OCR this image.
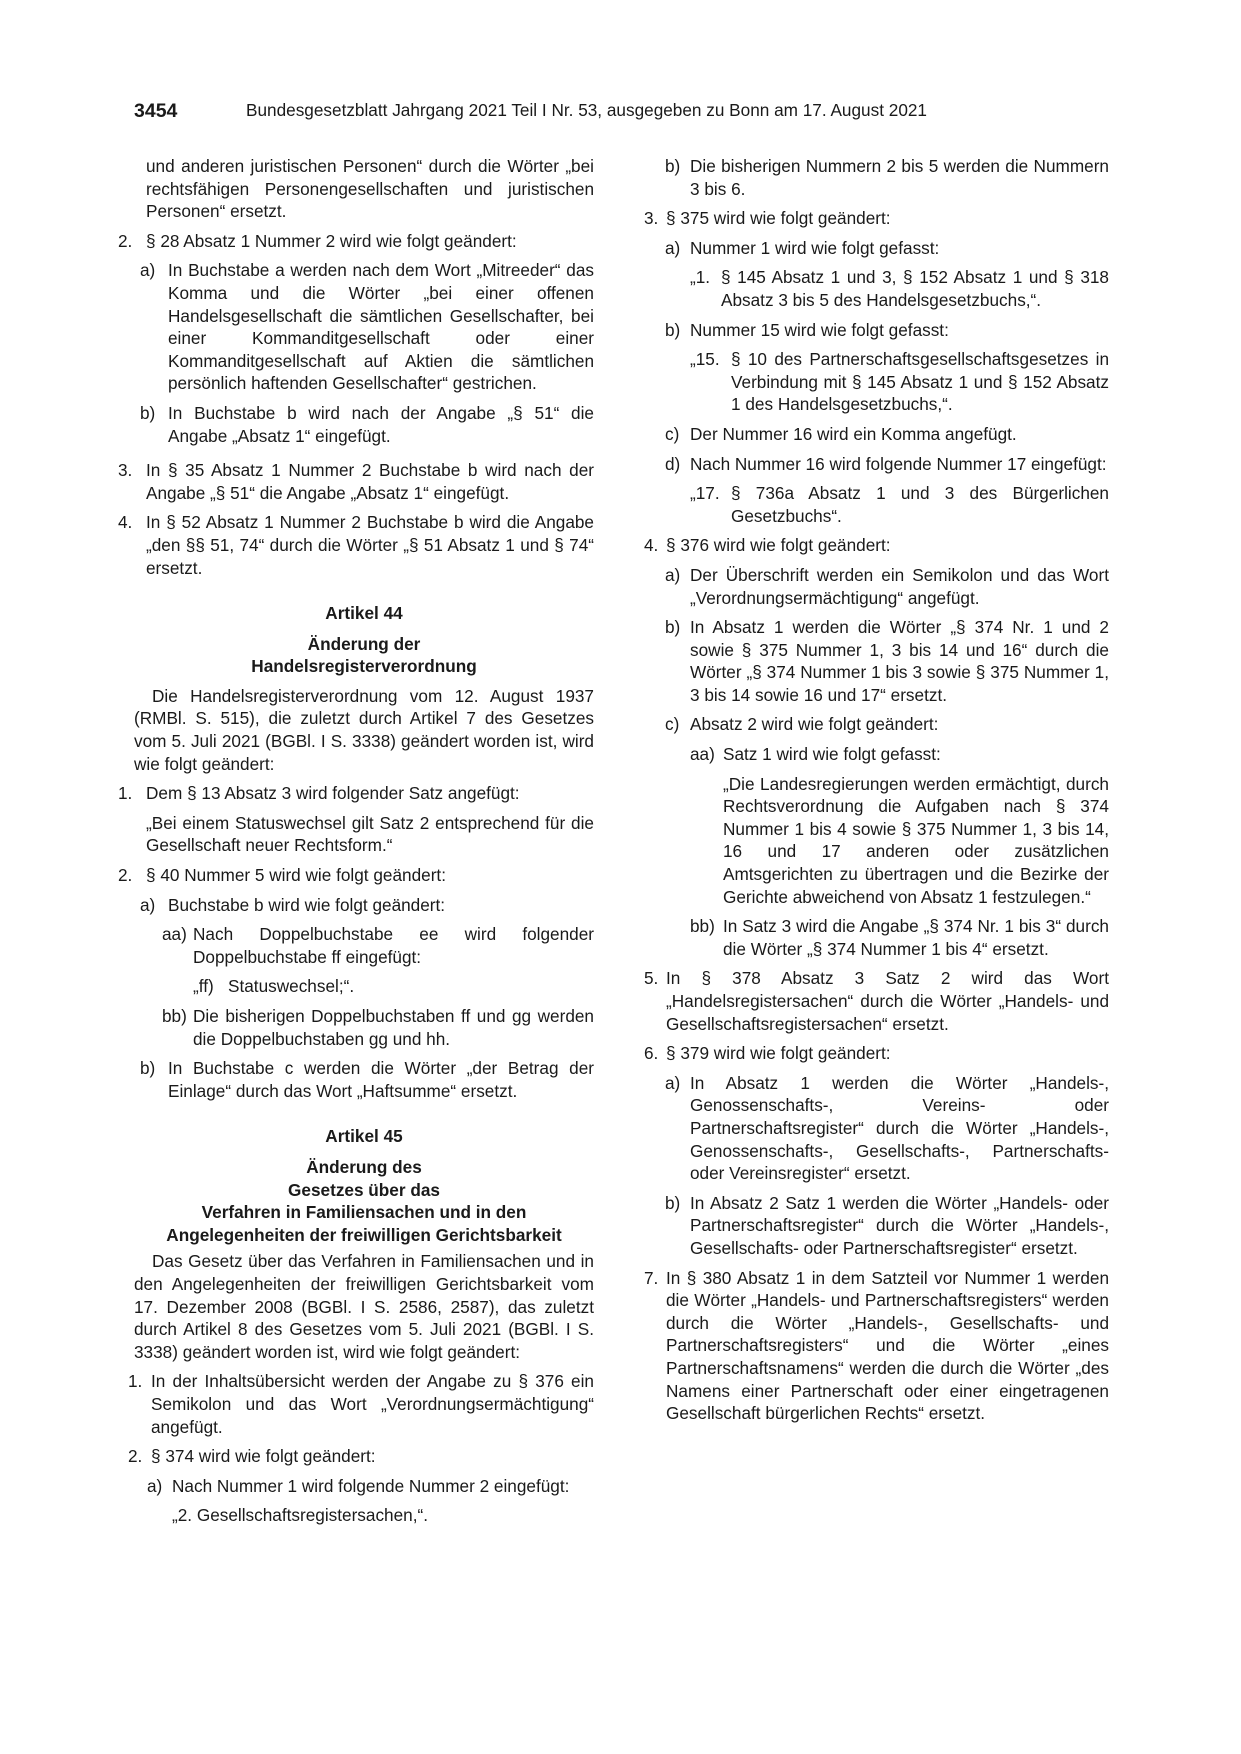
3454	Bundesgesetzblatt Jahrgang 2021 Teil I Nr. 53, ausgegeben zu Bonn am 17. August 2021
und anderen juristischen Personen“ durch die Wörter „bei rechtsfähigen Personengesellschaften und juristischen Personen“ ersetzt.
2. § 28 Absatz 1 Nummer 2 wird wie folgt geändert:
a) In Buchstabe a werden nach dem Wort „Mitreeder“ das Komma und die Wörter „bei einer offenen Handelsgesellschaft die sämtlichen Gesellschafter, bei einer Kommanditgesellschaft oder einer Kommanditgesellschaft auf Aktien die sämtlichen persönlich haftenden Gesellschafter“ gestrichen.
b) In Buchstabe b wird nach der Angabe „§ 51“ die Angabe „Absatz 1“ eingefügt.
3. In § 35 Absatz 1 Nummer 2 Buchstabe b wird nach der Angabe „§ 51“ die Angabe „Absatz 1“ eingefügt.
4. In § 52 Absatz 1 Nummer 2 Buchstabe b wird die Angabe „den §§ 51, 74“ durch die Wörter „§ 51 Absatz 1 und § 74“ ersetzt.
Artikel 44
Änderung der
Handelsregisterverordnung
Die Handelsregisterverordnung vom 12. August 1937 (RMBl. S. 515), die zuletzt durch Artikel 7 des Gesetzes vom 5. Juli 2021 (BGBl. I S. 3338) geändert worden ist, wird wie folgt geändert:
1. Dem § 13 Absatz 3 wird folgender Satz angefügt:
„Bei einem Statuswechsel gilt Satz 2 entsprechend für die Gesellschaft neuer Rechtsform.“
2. § 40 Nummer 5 wird wie folgt geändert:
a) Buchstabe b wird wie folgt geändert:
aa) Nach Doppelbuchstabe ee wird folgender Doppelbuchstabe ff eingefügt:
„ff) Statuswechsel;“.
bb) Die bisherigen Doppelbuchstaben ff und gg werden die Doppelbuchstaben gg und hh.
b) In Buchstabe c werden die Wörter „der Betrag der Einlage“ durch das Wort „Haftsumme“ ersetzt.
Artikel 45
Änderung des
Gesetzes über das
Verfahren in Familiensachen und in den
Angelegenheiten der freiwilligen Gerichtsbarkeit
Das Gesetz über das Verfahren in Familiensachen und in den Angelegenheiten der freiwilligen Gerichtsbarkeit vom 17. Dezember 2008 (BGBl. I S. 2586, 2587), das zuletzt durch Artikel 8 des Gesetzes vom 5. Juli 2021 (BGBl. I S. 3338) geändert worden ist, wird wie folgt geändert:
1. In der Inhaltsübersicht werden der Angabe zu § 376 ein Semikolon und das Wort „Verordnungsermächtigung“ angefügt.
2. § 374 wird wie folgt geändert:
a) Nach Nummer 1 wird folgende Nummer 2 eingefügt:
„2. Gesellschaftsregistersachen,“.
b) Die bisherigen Nummern 2 bis 5 werden die Nummern 3 bis 6.
3. § 375 wird wie folgt geändert:
a) Nummer 1 wird wie folgt gefasst:
„1. § 145 Absatz 1 und 3, § 152 Absatz 1 und § 318 Absatz 3 bis 5 des Handelsgesetzbuchs,“.
b) Nummer 15 wird wie folgt gefasst:
„15. § 10 des Partnerschaftsgesellschaftsgesetzes in Verbindung mit § 145 Absatz 1 und § 152 Absatz 1 des Handelsgesetzbuchs,“.
c) Der Nummer 16 wird ein Komma angefügt.
d) Nach Nummer 16 wird folgende Nummer 17 eingefügt:
„17. § 736a Absatz 1 und 3 des Bürgerlichen Gesetzbuchs“.
4. § 376 wird wie folgt geändert:
a) Der Überschrift werden ein Semikolon und das Wort „Verordnungsermächtigung“ angefügt.
b) In Absatz 1 werden die Wörter „§ 374 Nr. 1 und 2 sowie § 375 Nummer 1, 3 bis 14 und 16“ durch die Wörter „§ 374 Nummer 1 bis 3 sowie § 375 Nummer 1, 3 bis 14 sowie 16 und 17“ ersetzt.
c) Absatz 2 wird wie folgt geändert:
aa) Satz 1 wird wie folgt gefasst:
„Die Landesregierungen werden ermächtigt, durch Rechtsverordnung die Aufgaben nach § 374 Nummer 1 bis 4 sowie § 375 Nummer 1, 3 bis 14, 16 und 17 anderen oder zusätzlichen Amtsgerichten zu übertragen und die Bezirke der Gerichte abweichend von Absatz 1 festzulegen.“
bb) In Satz 3 wird die Angabe „§ 374 Nr. 1 bis 3“ durch die Wörter „§ 374 Nummer 1 bis 4“ ersetzt.
5. In § 378 Absatz 3 Satz 2 wird das Wort „Handelsregistersachen“ durch die Wörter „Handels- und Gesellschaftsregistersachen“ ersetzt.
6. § 379 wird wie folgt geändert:
a) In Absatz 1 werden die Wörter „Handels-, Genossenschafts-, Vereins- oder Partnerschaftsregister“ durch die Wörter „Handels-, Genossenschafts-, Gesellschafts-, Partnerschafts- oder Vereinsregister“ ersetzt.
b) In Absatz 2 Satz 1 werden die Wörter „Handels- oder Partnerschaftsregister“ durch die Wörter „Handels-, Gesellschafts- oder Partnerschaftsregister“ ersetzt.
7. In § 380 Absatz 1 in dem Satzteil vor Nummer 1 werden die Wörter „Handels- und Partnerschaftsregisters“ werden durch die Wörter „Handels-, Gesellschafts- und Partnerschaftsregisters“ und die Wörter „eines Partnerschaftsnamens“ werden die durch die Wörter „des Namens einer Partnerschaft oder einer eingetragenen Gesellschaft bürgerlichen Rechts“ ersetzt.
